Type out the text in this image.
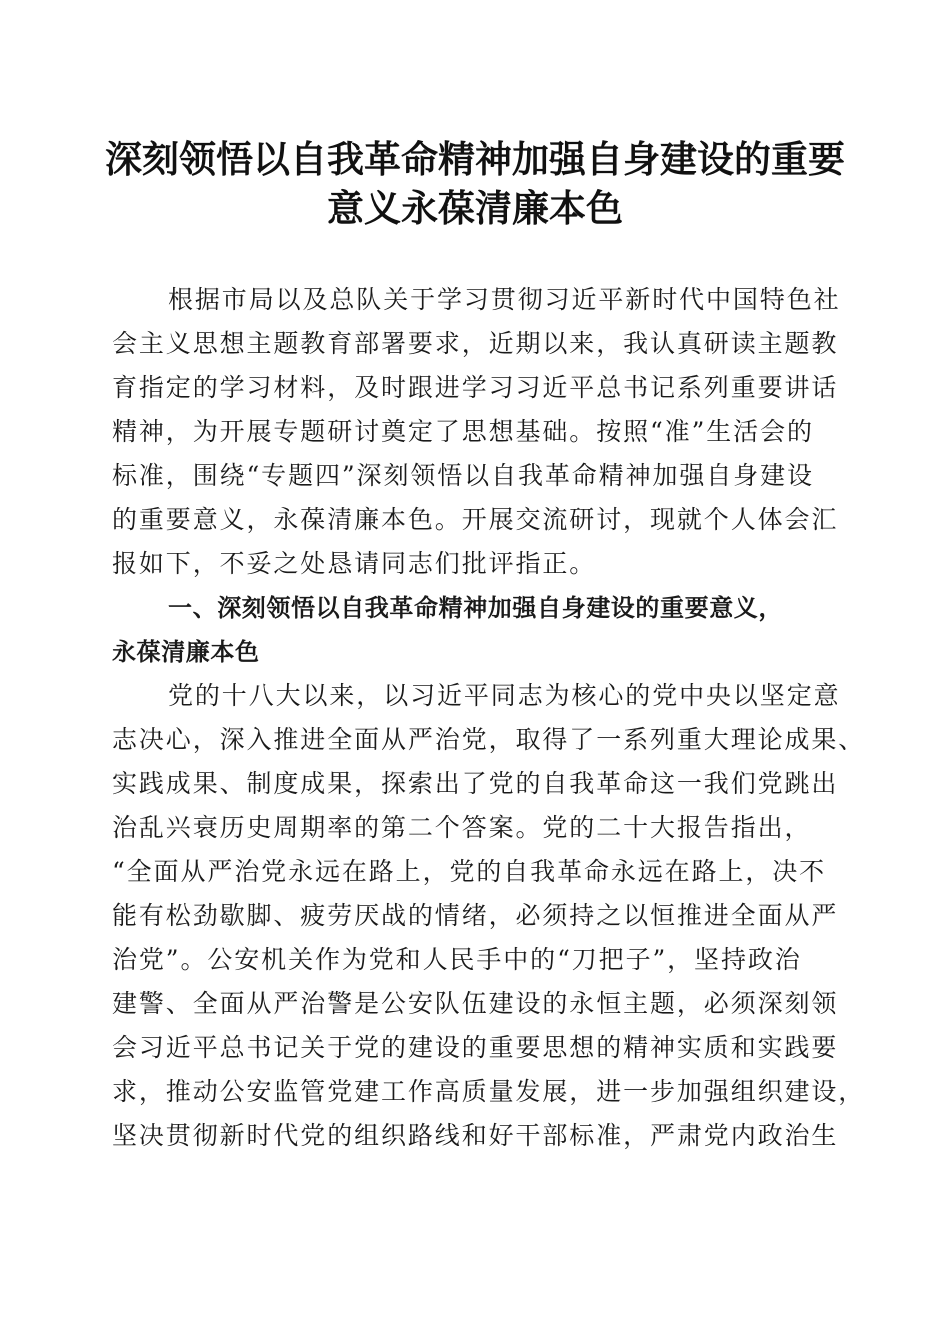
深刻领悟以自我革命精神加强自身建设的重要
意义永葆清廉本色
根据市局以及总队关于学习贯彻习近平新时代中国特色社
会主义思想主题教育部署要求，近期以来，我认真研读主题教
育指定的学习材料，及时跟进学习习近平总书记系列重要讲话
精神，为开展专题研讨奠定了思想基础。按照“准”生活会的
标准，围绕“专题四”深刻领悟以自我革命精神加强自身建设
的重要意义，永葆清廉本色。开展交流研讨，现就个人体会汇
报如下，不妥之处恳请同志们批评指正。
一、深刻领悟以自我革命精神加强自身建设的重要意义，
永葆清廉本色
党的十八大以来，以习近平同志为核心的党中央以坚定意
志决心，深入推进全面从严治党，取得了一系列重大理论成果、
实践成果、制度成果，探索出了党的自我革命这一我们党跳出
治乱兴衰历史周期率的第二个答案。党的二十大报告指出，
“全面从严治党永远在路上，党的自我革命永远在路上，决不
能有松劲歇脚、疲劳厌战的情绪，必须持之以恒推进全面从严
治党”。公安机关作为党和人民手中的“刀把子”，坚持政治
建警、全面从严治警是公安队伍建设的永恒主题，必须深刻领
会习近平总书记关于党的建设的重要思想的精神实质和实践要
求，推动公安监管党建工作高质量发展，进一步加强组织建设，
坚决贯彻新时代党的组织路线和好干部标准，严肃党内政治生
